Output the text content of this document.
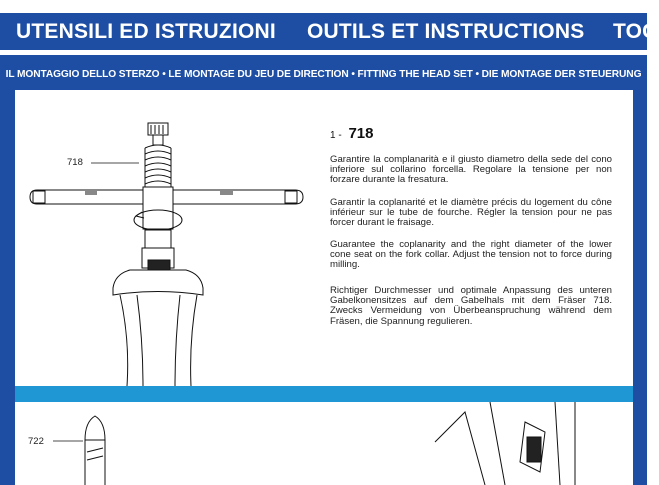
UTENSILI ED ISTRUZIONI OUTILS ET INSTRUCTIONS TOO
IL MONTAGGIO DELLO STERZO • LE MONTAGE DU JEU DE DIRECTION • FITTING THE HEAD SET • DIE MONTAGE DER STEUERUNG
718
1 - 718

Garantire la complanarità e il giusto diametro della sede del cono inferiore sul collarino forcella. Regolare la tensione per non forzare durante la fresatura.

Garantir la coplanarité et le diamètre précis du logement du cône inférieur sur le tube de fourche. Régler la tension pour ne pas forcer durant le fraisage.

Guarantee the coplanarity and the right diameter of the lower cone seat on the fork collar. Adjust the tension not to force during milling.

Richtiger Durchmesser und optimale Anpassung des unteren Gabelkonensitzes auf dem Gabelhals mit dem Fräser 718. Zwecks Vermeidung von Überbeanspruchung während dem Fräsen, die Spannung regulieren.

722
